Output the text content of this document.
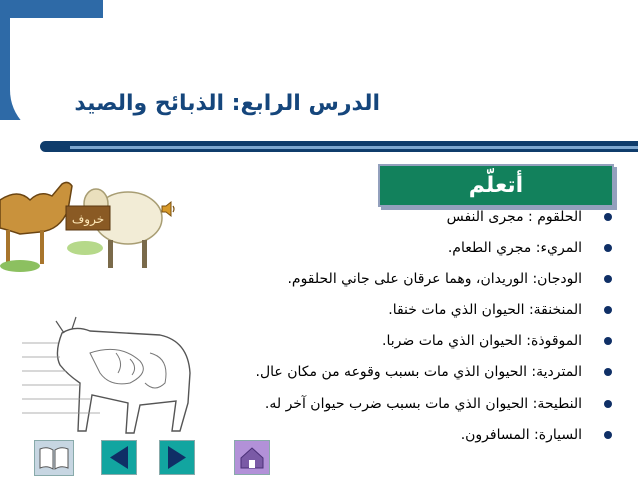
الدرس الرابع: الذبائح والصيد
أتعلّم
الحلقوم : مجرى النفس
المريء: مجري الطعام.
الودجان: الوريدان، وهما عرقان على جاني الحلقوم.
المنخنقة: الحيوان الذي مات خنقا.
الموقوذة: الحيوان الذي مات ضربا.
المتردية: الحيوان الذي مات بسبب وقوعه من مكان عال.
النطيحة: الحيوان الذي مات بسبب ضرب حيوان آخر له.
السيارة: المسافرون.
خروف
